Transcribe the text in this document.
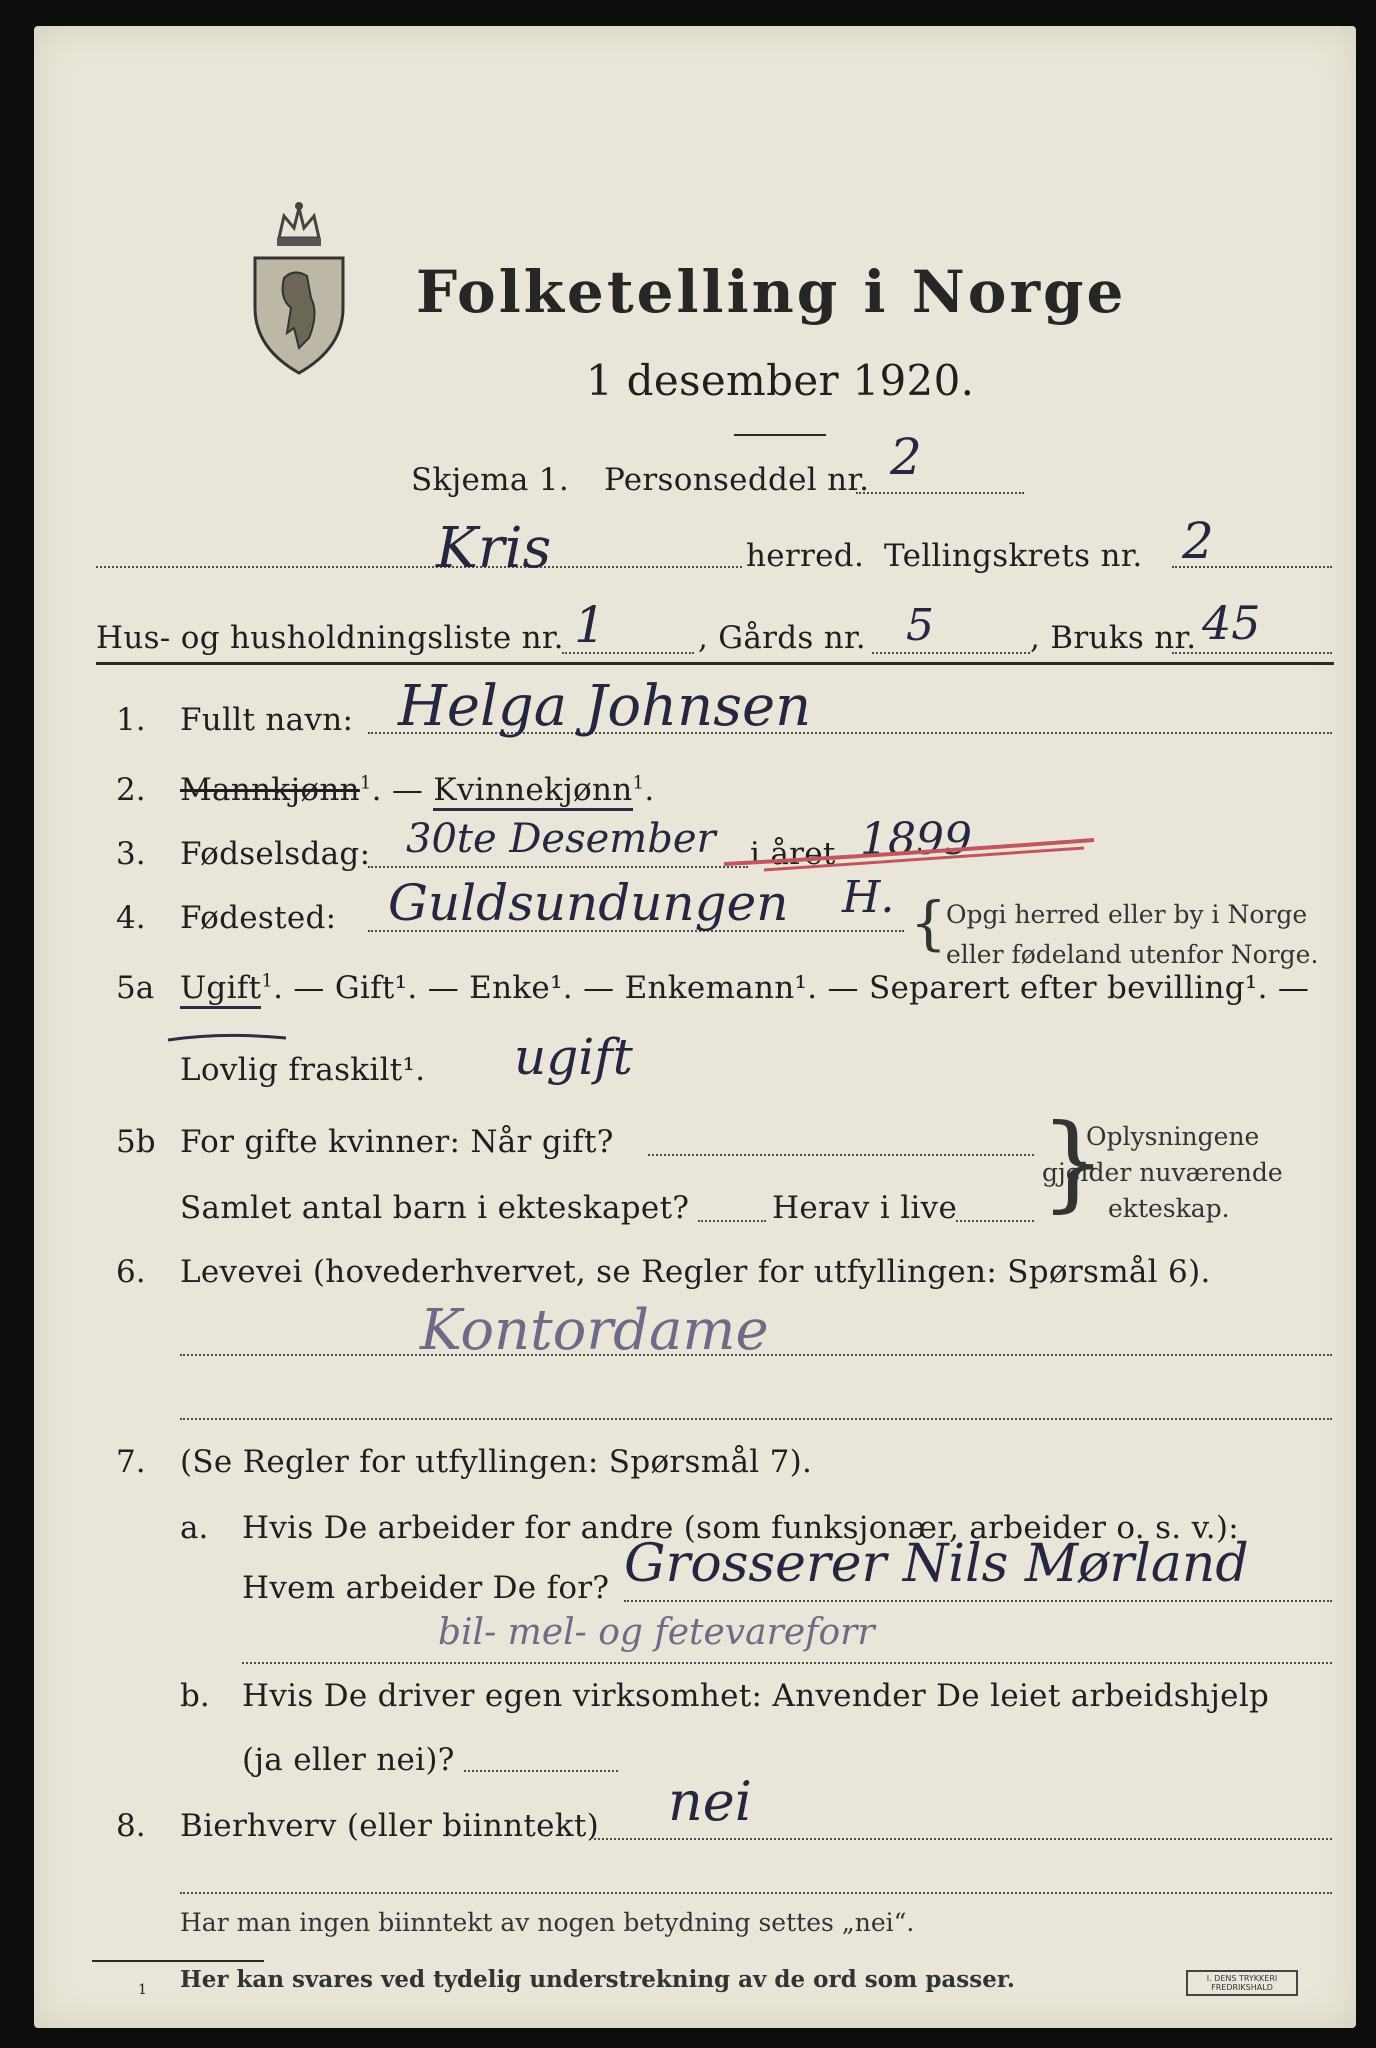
Folketelling i Norge
1 desember 1920.
Skjema 1. Personseddel nr. 2
Kris	herred. Tellingskrets nr. 2
Hus- og husholdningsliste nr. 1	, Gårds nr. 5	, Bruks nr. 45
1. Fullt navn: Helga Johnsen
2. Mannkjønn$^1$. — Kvinnekjønn$^1$.
3. Fødselsdag: 30te Desember i året 1899
4. Fødested: Guldsundungen H. { Opgi herred eller by i Norge
eller fødeland utenfor Norge.
5a Ugift$^1$. — Gift¹. — Enke¹. — Enkemann¹. — Separert efter bevilling¹. —
Lovlig fraskilt¹. ugift
5b For gifte kvinner: Når gift?
Samlet antal barn i ekteskapet?	Herav i live }
Oplysningene
gjelder nuværende
ekteskap.
6. Levevei (hovederhvervet, se Regler for utfyllingen: Spørsmål 6).
Kontordame
7. (Se Regler for utfyllingen: Spørsmål 7).
a. Hvis De arbeider for andre (som funksjonær, arbeider o. s. v.):
Hvem arbeider De for? Grosserer Nils Mørland
bil- mel- og fetevareforr
b. Hvis De driver egen virksomhet: Anvender De leiet arbeidshjelp
(ja eller nei)?
8. Bierhverv (eller biinntekt) nei
Har man ingen biinntekt av nogen betydning settes „nei“.
1 Her kan svares ved tydelig understrekning av de ord som passer.	I. DENS TRYKKERI FREDRIKSHALD
